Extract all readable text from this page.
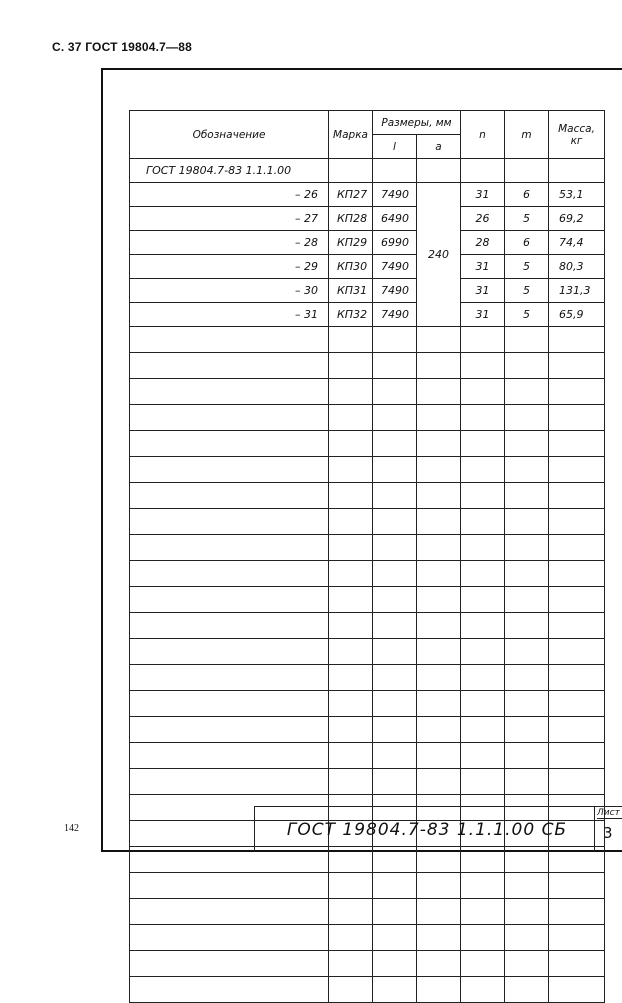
С. 37 ГОСТ 19804.7—88
142
Обозначение	Марка	Размеры, мм		n	m	Масса, кг
		l	а			
ГОСТ 19804.7-83 1.1.1.00						
– 26	КП27	7490	240	31	6	53,1
– 27	КП28	6490		26	5	69,2
– 28	КП29	6990		28	6	74,4
– 29	КП30	7490		31	5	80,3
– 30	КП31	7490		31	5	131,3
– 31	КП32	7490		31	5	65,9

ГОСТ 19804.7-83 1.1.1.00 СБ
Лист
3
